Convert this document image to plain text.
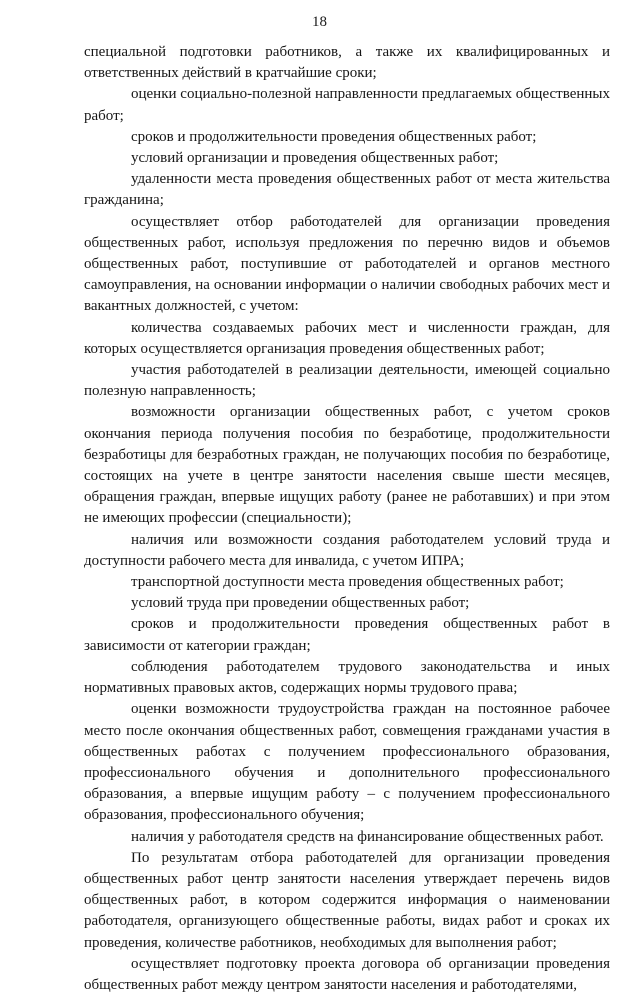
18

специальной подготовки работников, а также их квалифицированных и ответственных действий в кратчайшие сроки;

оценки социально-полезной направленности предлагаемых общественных работ;

сроков и продолжительности проведения общественных работ;

условий организации и проведения общественных работ;

удаленности места проведения общественных работ от места жительства гражданина;

осуществляет отбор работодателей для организации проведения общественных работ, используя предложения по перечню видов и объемов общественных работ, поступившие от работодателей и органов местного самоуправления, на основании информации о наличии свободных рабочих мест и вакантных должностей, с учетом:

количества создаваемых рабочих мест и численности граждан, для которых осуществляется организация проведения общественных работ;

участия работодателей в реализации деятельности, имеющей социально полезную направленность;

возможности организации общественных работ, с учетом сроков окончания периода получения пособия по безработице, продолжительности безработицы для безработных граждан, не получающих пособия по безработице, состоящих на учете в центре занятости населения свыше шести месяцев, обращения граждан, впервые ищущих работу (ранее не работавших) и при этом не имеющих профессии (специальности);

наличия или возможности создания работодателем условий труда и доступности рабочего места для инвалида, с учетом ИПРА;

транспортной доступности места проведения общественных работ;

условий труда при проведении общественных работ;

сроков и продолжительности проведения общественных работ в зависимости от категории граждан;

соблюдения работодателем трудового законодательства и иных нормативных правовых актов, содержащих нормы трудового права;

оценки возможности трудоустройства граждан на постоянное рабочее место после окончания общественных работ, совмещения гражданами участия в общественных работах с получением профессионального образования, профессионального обучения и дополнительного профессионального образования, а впервые ищущим работу – с получением профессионального образования, профессионального обучения;

наличия у работодателя средств на финансирование общественных работ.

По результатам отбора работодателей для организации проведения общественных работ центр занятости населения утверждает перечень видов общественных работ, в котором содержится информация о наименовании работодателя, организующего общественные работы, видах работ и сроках их проведения, количестве работников, необходимых для выполнения работ;

осуществляет подготовку проекта договора об организации проведения общественных работ между центром занятости населения и работодателями,
